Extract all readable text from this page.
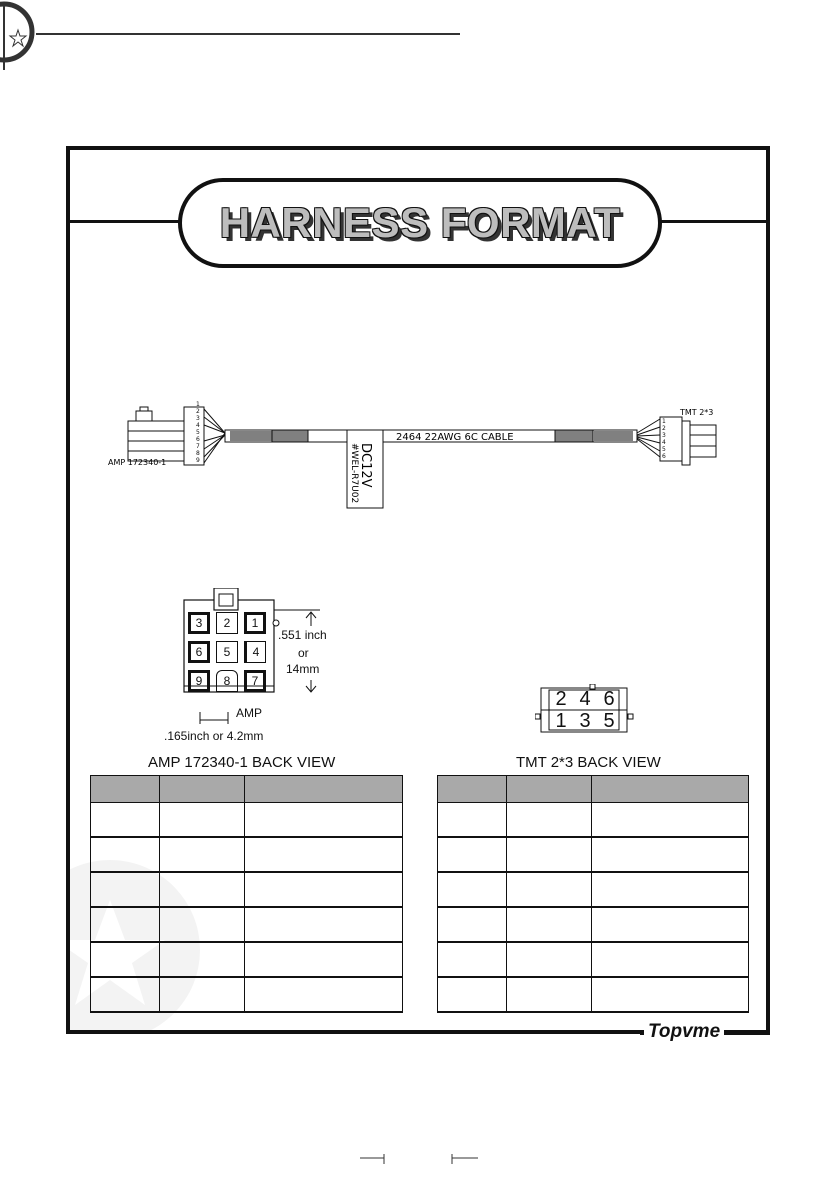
HARNESS FORMAT
1
2
3
4
5
6
7
8
9
AMP 172340-1
2464 22AWG 6C CABLE
DC12V
#WEL-R7U02
1
2
3
4
5
6
TMT 2*3
3	2	1
6	5	4
9	8	7
.551 inch
or
14mm
AMP
.165inch or 4.2mm
AMP 172340-1 BACK VIEW
2 4 6
1 3 5
TMT 2*3 BACK VIEW

Topvme
